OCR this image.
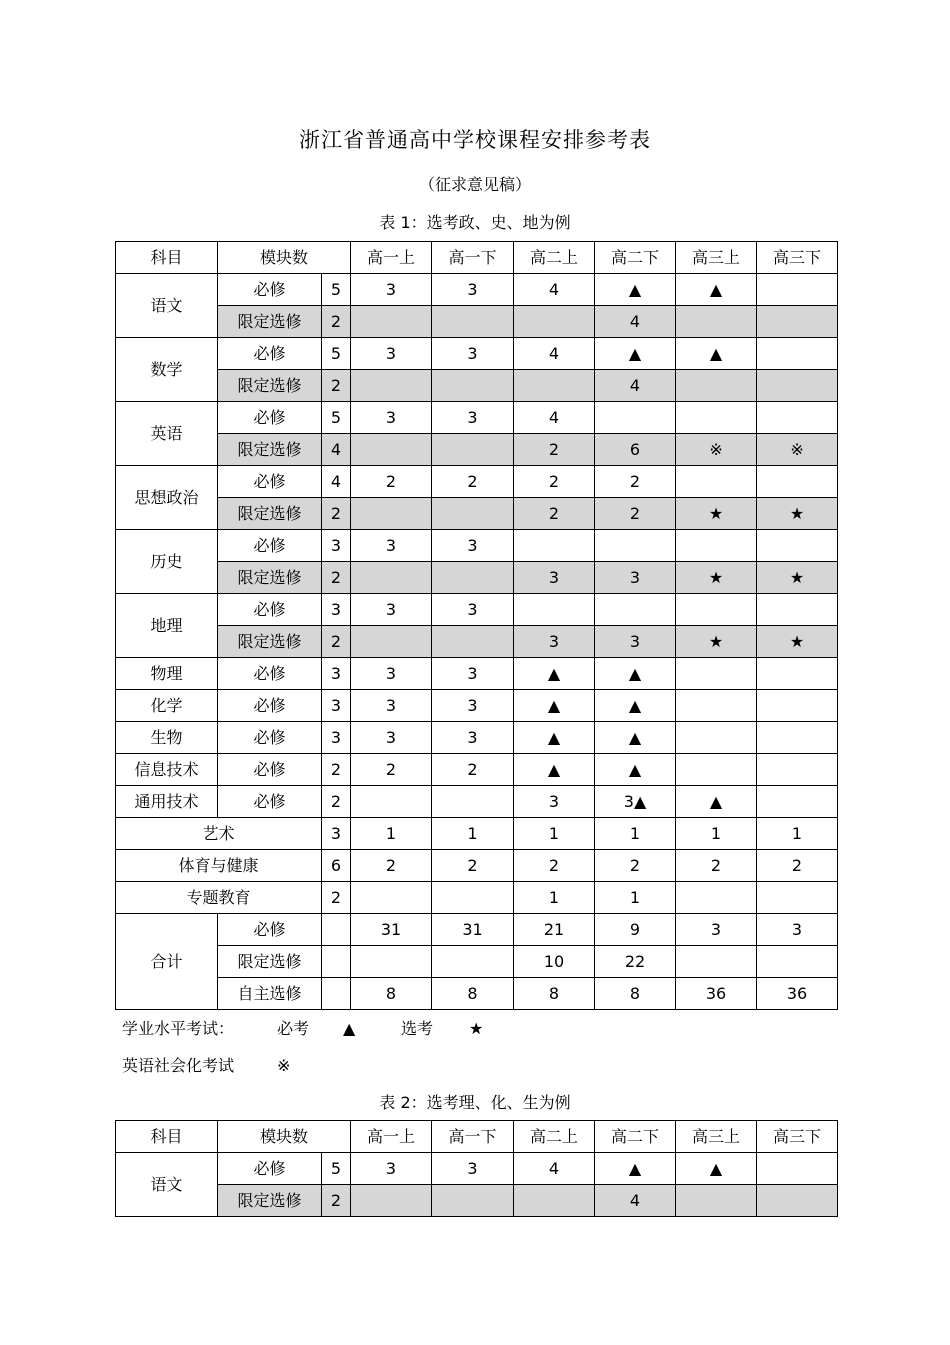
浙江省普通高中学校课程安排参考表
（征求意见稿）
表 1：选考政、史、地为例
科目	模块数		高一上	高一下	高二上	高二下	高三上	高三下
语文	必修	5	3	3	4	▲	▲	
	限定选修	2				4		
数学	必修	5	3	3	4	▲	▲	
	限定选修	2				4		
英语	必修	5	3	3	4			
	限定选修	4			2	6	※	※
思想政治	必修	4	2	2	2	2		
	限定选修	2			2	2	★	★
历史	必修	3	3	3				
	限定选修	2			3	3	★	★
地理	必修	3	3	3				
	限定选修	2			3	3	★	★
物理	必修	3	3	3	▲	▲		
化学	必修	3	3	3	▲	▲		
生物	必修	3	3	3	▲	▲		
信息技术	必修	2	2	2	▲	▲		
通用技术	必修	2			3	3▲	▲	
艺术		3	1	1	1	1	1	1
体育与健康		6	2	2	2	2	2	2
专题教育		2			1	1		
合计	必修		31	31	21	9	3	3
	限定选修				10	22		
	自主选修		8	8	8	8	36	36
学业水平考试：	必考 ▲	选考 ★
英语社会化考试	※
表 2：选考理、化、生为例
科目	模块数		高一上	高一下	高二上	高二下	高三上	高三下
语文	必修	5	3	3	4	▲	▲	
	限定选修	2				4		
